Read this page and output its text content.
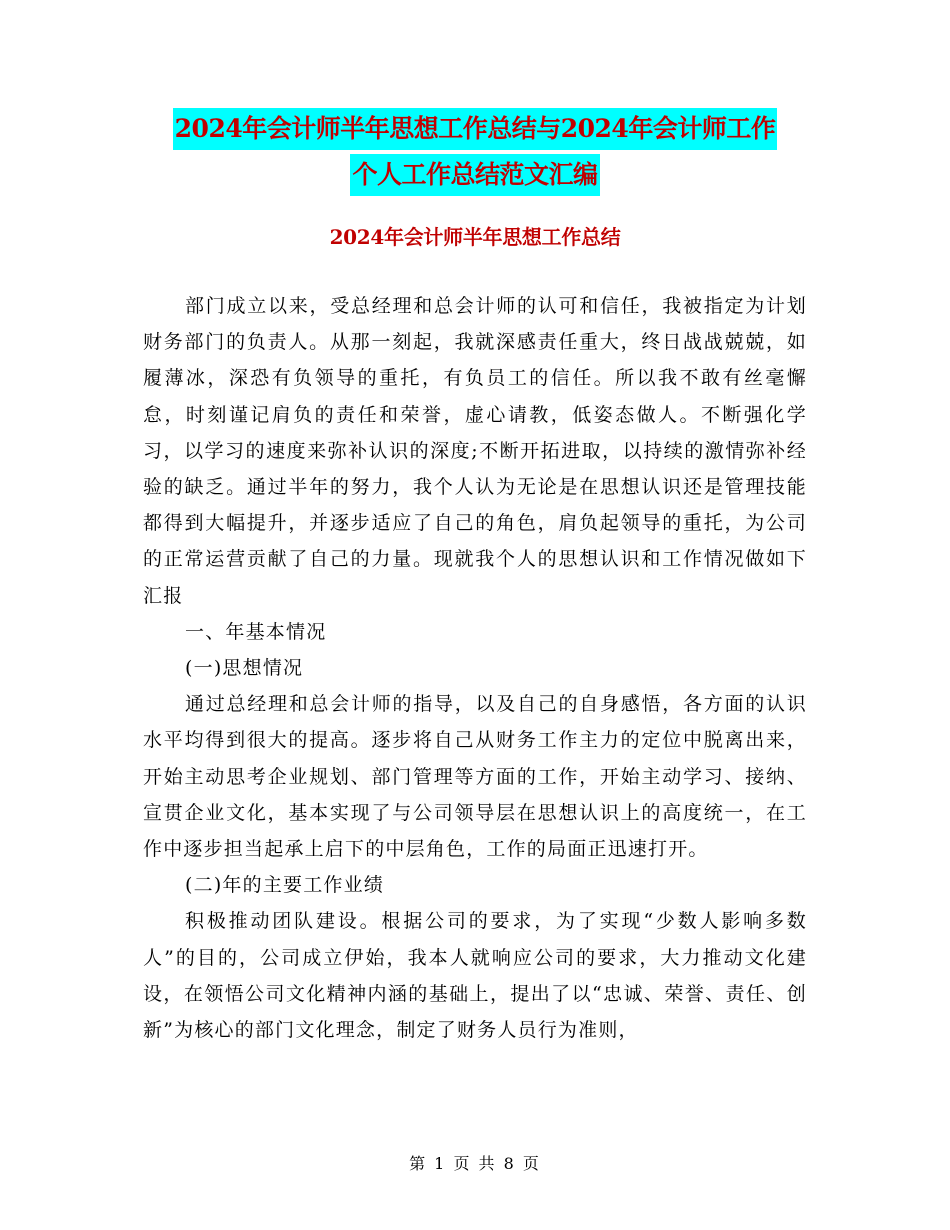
2024年会计师半年思想工作总结与2024年会计师工作
个人工作总结范文汇编
2024年会计师半年思想工作总结

部门成立以来，受总经理和总会计师的认可和信任，我被指定为计划财务部门的负责人。从那一刻起，我就深感责任重大，终日战战兢兢，如履薄冰，深恐有负领导的重托，有负员工的信任。所以我不敢有丝毫懈怠，时刻谨记肩负的责任和荣誉，虚心请教，低姿态做人。不断强化学习，以学习的速度来弥补认识的深度;不断开拓进取，以持续的激情弥补经验的缺乏。通过半年的努力，我个人认为无论是在思想认识还是管理技能都得到大幅提升，并逐步适应了自己的角色，肩负起领导的重托，为公司的正常运营贡献了自己的力量。现就我个人的思想认识和工作情况做如下汇报

一、年基本情况

(一)思想情况

通过总经理和总会计师的指导，以及自己的自身感悟，各方面的认识水平均得到很大的提高。逐步将自己从财务工作主力的定位中脱离出来，开始主动思考企业规划、部门管理等方面的工作，开始主动学习、接纳、宣贯企业文化，基本实现了与公司领导层在思想认识上的高度统一，在工作中逐步担当起承上启下的中层角色，工作的局面正迅速打开。

(二)年的主要工作业绩

积极推动团队建设。根据公司的要求，为了实现“少数人影响多数人”的目的，公司成立伊始，我本人就响应公司的要求，大力推动文化建设，在领悟公司文化精神内涵的基础上，提出了以“忠诚、荣誉、责任、创新”为核心的部门文化理念，制定了财务人员行为准则，

第 1 页 共 8 页
